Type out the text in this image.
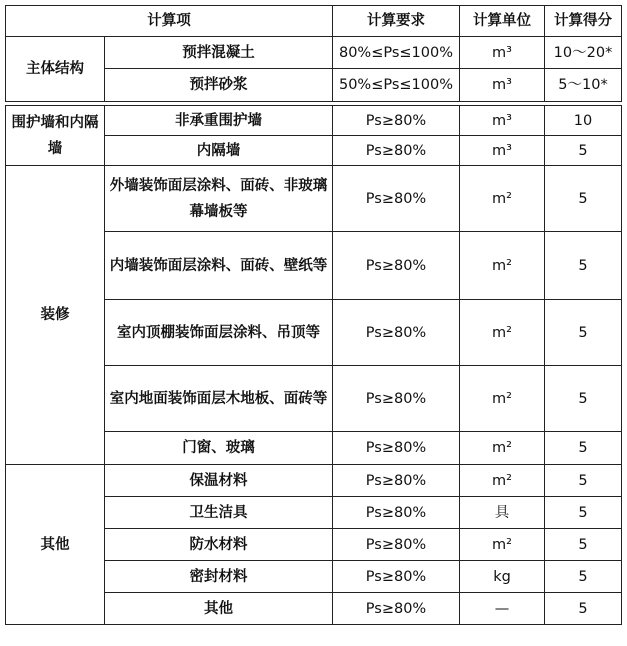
计算项		计算要求	计算单位	计算得分
主体结构	预拌混凝土	80%≤Ps≤100%	m³	10～20*
	预拌砂浆	50%≤Ps≤100%	m³	5～10*

围护墙和内隔墙	非承重围护墙	Ps≥80%	m³	10
	内隔墙	Ps≥80%	m³	5
装修	外墙装饰面层涂料、面砖、非玻璃幕墙板等	Ps≥80%	m²	5
	内墙装饰面层涂料、面砖、壁纸等	Ps≥80%	m²	5
	室内顶棚装饰面层涂料、吊顶等	Ps≥80%	m²	5
	室内地面装饰面层木地板、面砖等	Ps≥80%	m²	5
	门窗、玻璃	Ps≥80%	m²	5
其他	保温材料	Ps≥80%	m²	5
	卫生洁具	Ps≥80%	具	5
	防水材料	Ps≥80%	m²	5
	密封材料	Ps≥80%	kg	5
	其他	Ps≥80%	—	5
